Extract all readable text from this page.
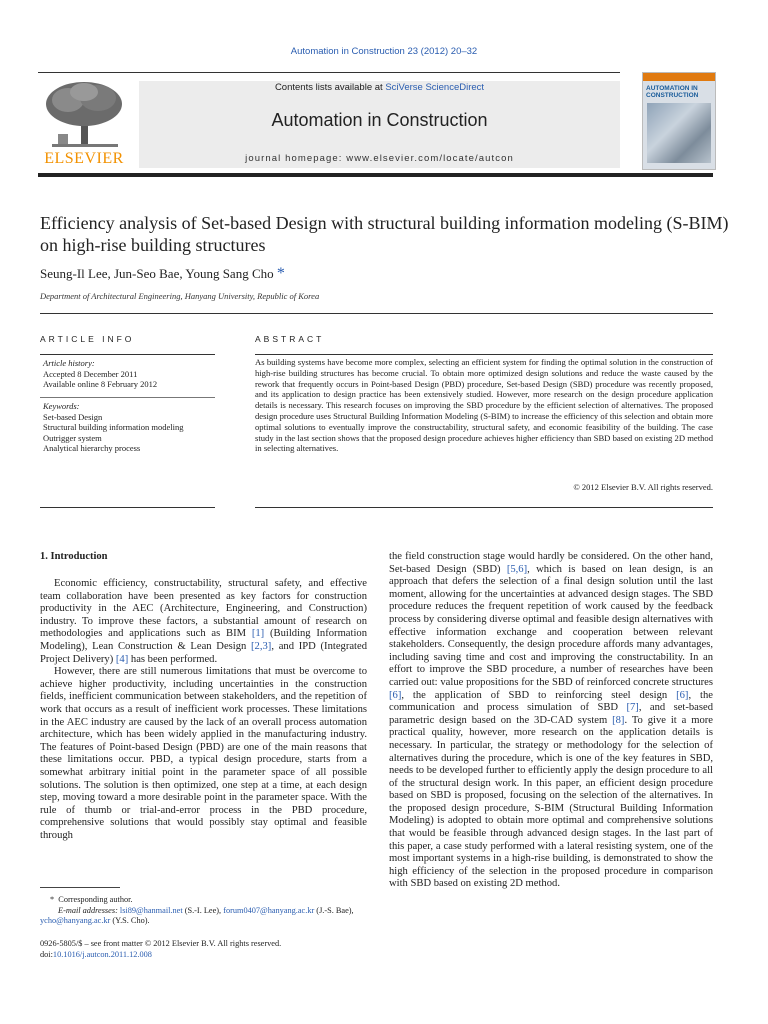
Automation in Construction 23 (2012) 20–32
ELSEVIER
Contents lists available at SciVerse ScienceDirect
Automation in Construction
journal homepage: www.elsevier.com/locate/autcon
AUTOMATION IN CONSTRUCTION
Efficiency analysis of Set-based Design with structural building information modeling (S-BIM) on high-rise building structures
Seung-Il Lee, Jun-Seo Bae, Young Sang Cho *
Department of Architectural Engineering, Hanyang University, Republic of Korea
ARTICLE INFO
Article history:
Accepted 8 December 2011
Available online 8 February 2012
Keywords:
Set-based Design
Structural building information modeling
Outrigger system
Analytical hierarchy process
ABSTRACT
As building systems have become more complex, selecting an efficient system for finding the optimal solution in the construction of high-rise building structures has become crucial. To obtain more optimized design solutions and reduce the waste caused by the rework that frequently occurs in Point-based Design (PBD) procedure, Set-based Design (SBD) procedure was recently proposed, and its application to design practice has been extensively studied. However, more research on the design procedure application details is necessary. This research focuses on improving the SBD procedure by the efficient selection of alternatives. The proposed design procedure uses Structural Building Information Modeling (S-BIM) to increase the efficiency of this selection and obtain more optimal solutions to eventually improve the constructability, structural safety, and economic feasibility of the building. The case study in the last section shows that the proposed design procedure achieves higher efficiency than SBD based on existing 2D method in selecting alternatives.
© 2012 Elsevier B.V. All rights reserved.
1. Introduction

Economic efficiency, constructability, structural safety, and effective team collaboration have been presented as key factors for construction productivity in the AEC (Architecture, Engineering, and Construction) industry. To improve these factors, a substantial amount of research on methodologies and applications such as BIM [1] (Building Information Modeling), Lean Construction & Lean Design [2,3], and IPD (Integrated Project Delivery) [4] has been performed.

However, there are still numerous limitations that must be overcome to achieve higher productivity, including uncertainties in the construction fields, inefficient communication between stakeholders, and the repetition of work that occurs as a result of inefficient work processes. These limitations in the AEC industry are caused by the lack of an overall process automation architecture, which has been widely applied in the manufacturing industry. The features of Point-based Design (PBD) are one of the main reasons that these limitations occur. PBD, a typical design procedure, starts from a somewhat arbitrary initial point in the parameter space of all possible solutions. The solution is then optimized, one step at a time, at each design step, moving toward a more desirable point in the parameter space. With the rule of thumb or trial-and-error process in the PBD procedure, comprehensive solutions that would possibly stay optimal and feasible through

the field construction stage would hardly be considered. On the other hand, Set-based Design (SBD) [5,6], which is based on lean design, is an approach that defers the selection of a final design solution until the last moment, allowing for the uncertainties at advanced design stages. The SBD procedure reduces the frequent repetition of work caused by the feedback process by considering diverse optimal and feasible design alternatives with effective information exchange and cooperation between relevant stakeholders. Consequently, the design procedure affords many advantages, including saving time and cost and improving the constructability. In an effort to improve the SBD procedure, a number of researches have been carried out: value propositions for the SBD of reinforced concrete structures [6], the application of SBD to reinforcing steel design [6], the communication and process simulation of SBD [7], and set-based parametric design based on the 3D-CAD system [8]. To give it a more practical quality, however, more research on the application details is necessary. In particular, the strategy or methodology for the selection of alternatives during the procedure, which is one of the key features in SBD, needs to be developed further to efficiently apply the design procedure to all of the structural design work. In this paper, an efficient design procedure based on SBD is proposed, focusing on the selection of the alternatives. In the proposed design procedure, S-BIM (Structural Building Information Modeling) is adopted to obtain more optimal and comprehensive solutions that would be feasible through advanced design stages. In the last part of this paper, a case study performed with a lateral resisting system, one of the most important systems in a high-rise building, is demonstrated to show the high efficiency of the selection in the proposed procedure in comparison with SBD based on existing 2D method.

*  Corresponding author.
E-mail addresses: lsi89@hanmail.net (S.-I. Lee), forum0407@hanyang.ac.kr (J.-S. Bae),
ycho@hanyang.ac.kr (Y.S. Cho).
0926-5805/$ – see front matter © 2012 Elsevier B.V. All rights reserved.
doi:10.1016/j.autcon.2011.12.008
